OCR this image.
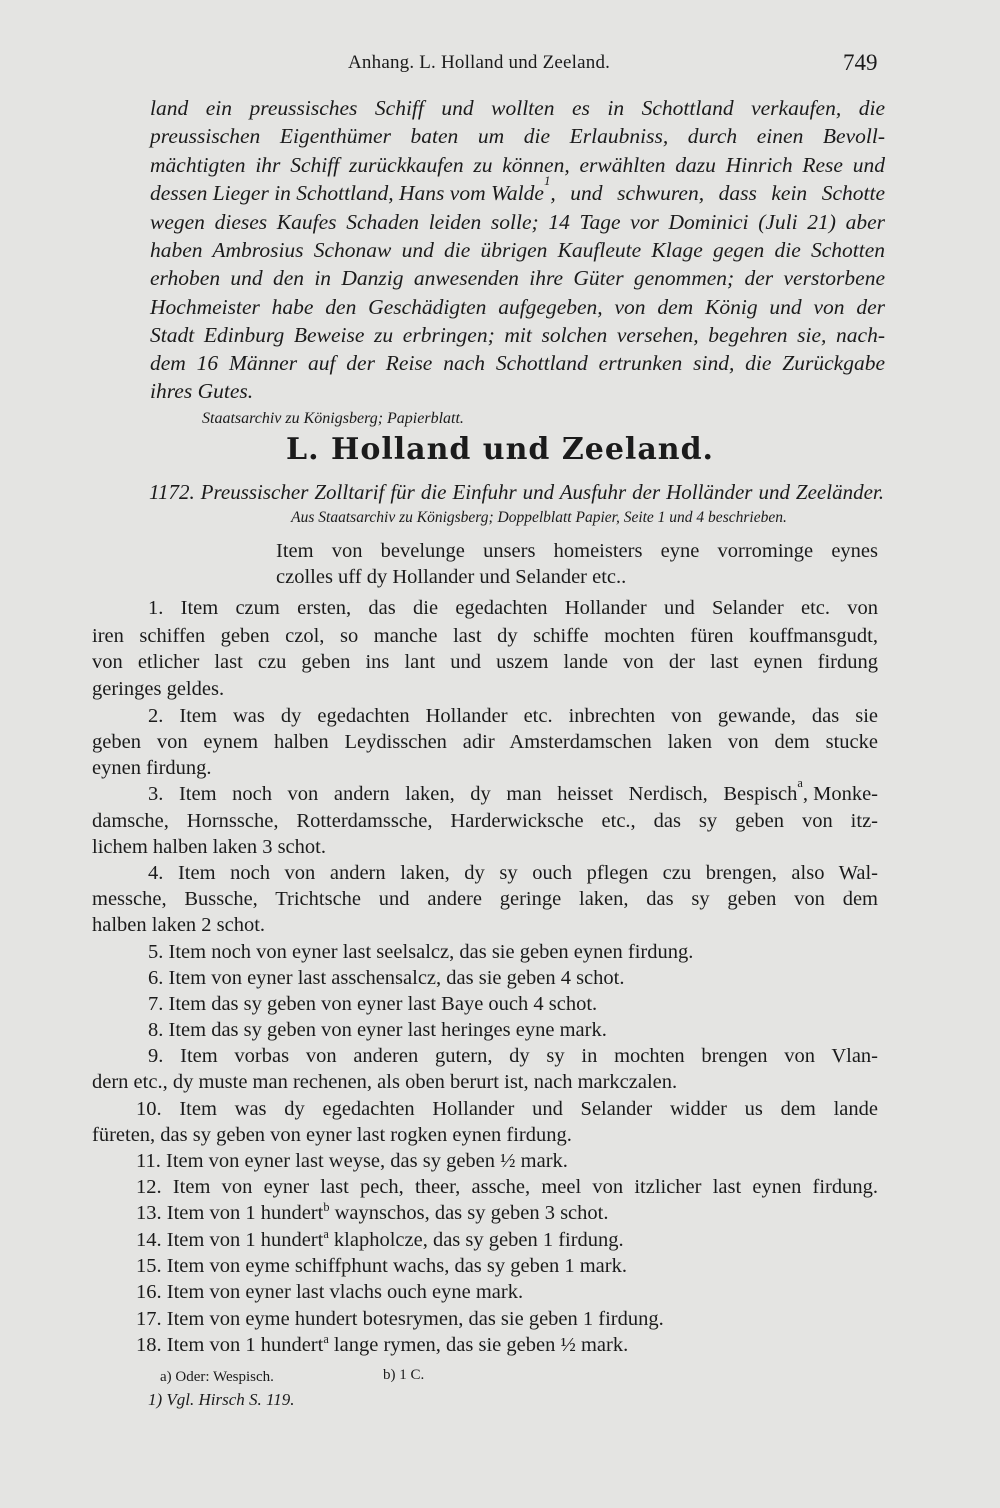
Anhang. L. Holland und Zeeland.	749
land ein preussisches Schiff und wollten es in Schottland verkaufen, die
preussischen Eigenthümer baten um die Erlaubniss, durch einen Bevoll-
mächtigten ihr Schiff zurückkaufen zu können, erwählten dazu Hinrich Rese und
dessen Lieger in Schottland, Hans vom Walde 1 , und schwuren, dass kein Schotte
wegen dieses Kaufes Schaden leiden solle; 14 Tage vor Dominici (Juli 21) aber
haben Ambrosius Schonaw und die übrigen Kaufleute Klage gegen die Schotten
erhoben und den in Danzig anwesenden ihre Güter genommen; der verstorbene
Hochmeister habe den Geschädigten aufgegeben, von dem König und von der
Stadt Edinburg Beweise zu erbringen; mit solchen versehen, begehren sie, nach-
dem 16 Männer auf der Reise nach Schottland ertrunken sind, die Zurückgabe
ihres Gutes.
Staatsarchiv zu Königsberg; Papierblatt.
L. Holland und Zeeland.
1172. Preussischer Zolltarif für die Einfuhr und Ausfuhr der Holländer und Zeeländer.
Aus Staatsarchiv zu Königsberg; Doppelblatt Papier, Seite 1 und 4 beschrieben.
Item von bevelunge unsers homeisters eyne vorrominge eynes
czolles uff dy Hollander und Selander etc..
1. Item czum ersten, das die egedachten Hollander und Selander etc. von
iren schiffen geben czol, so manche last dy schiffe mochten füren kouffmansgudt,
von etlicher last czu geben ins lant und uszem lande von der last eynen firdung
geringes geldes.
2. Item was dy egedachten Hollander etc. inbrechten von gewande, das sie
geben von eynem halben Leydisschen adir Amsterdamschen laken von dem stucke
eynen firdung.
3. Item noch von andern laken, dy man heisset Nerdisch, Bespisch a , Monke-
damsche, Hornssche, Rotterdamssche, Harderwicksche etc., das sy geben von itz-
lichem halben laken 3 schot.
4. Item noch von andern laken, dy sy ouch pflegen czu brengen, also Wal-
messche, Bussche, Trichtsche und andere geringe laken, das sy geben von dem
halben laken 2 schot.
5. Item noch von eyner last seelsalcz, das sie geben eynen firdung.
6. Item von eyner last asschensalcz, das sie geben 4 schot.
7. Item das sy geben von eyner last Baye ouch 4 schot.
8. Item das sy geben von eyner last heringes eyne mark.
9. Item vorbas von anderen gutern, dy sy in mochten brengen von Vlan-
dern etc., dy muste man rechenen, als oben berurt ist, nach markczalen.
10. Item was dy egedachten Hollander und Selander widder us dem lande
füreten, das sy geben von eyner last rogken eynen firdung.
11. Item von eyner last weyse, das sy geben ½ mark.
12. Item von eyner last pech, theer, assche, meel von itzlicher last eynen firdung.
13. Item von 1 hundert$^b$ waynschos, das sy geben 3 schot.
14. Item von 1 hundert$^a$ klapholcze, das sy geben 1 firdung.
15. Item von eyme schiffphunt wachs, das sy geben 1 mark.
16. Item von eyner last vlachs ouch eyne mark.
17. Item von eyme hundert botesrymen, das sie geben 1 firdung.
18. Item von 1 hundert$^a$ lange rymen, das sie geben ½ mark.
a) Oder: Wespisch.	b) 1 C.
1) Vgl. Hirsch S. 119.
